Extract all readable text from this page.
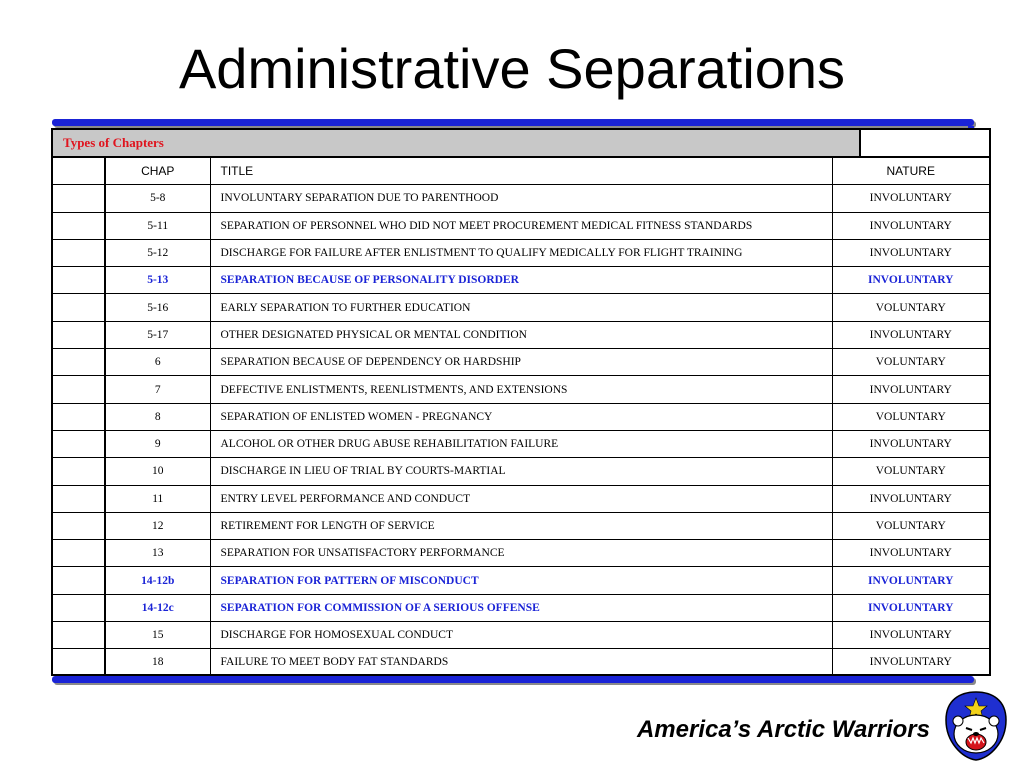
Administrative Separations
Types of Chapters
	CHAP	TITLE	NATURE
	5-8	INVOLUNTARY SEPARATION DUE TO PARENTHOOD	INVOLUNTARY
	5-11	SEPARATION OF PERSONNEL WHO DID NOT MEET PROCUREMENT MEDICAL FITNESS STANDARDS	INVOLUNTARY
	5-12	DISCHARGE FOR FAILURE AFTER ENLISTMENT TO QUALIFY MEDICALLY FOR FLIGHT TRAINING	INVOLUNTARY
	5-13	SEPARATION BECAUSE OF PERSONALITY DISORDER	INVOLUNTARY
	5-16	EARLY SEPARATION TO FURTHER EDUCATION	VOLUNTARY
	5-17	OTHER DESIGNATED PHYSICAL OR MENTAL CONDITION	INVOLUNTARY
	6	SEPARATION BECAUSE OF DEPENDENCY OR HARDSHIP	VOLUNTARY
	7	DEFECTIVE ENLISTMENTS, REENLISTMENTS, AND EXTENSIONS	INVOLUNTARY
	8	SEPARATION OF ENLISTED WOMEN - PREGNANCY	VOLUNTARY
	9	ALCOHOL OR OTHER DRUG ABUSE REHABILITATION FAILURE	INVOLUNTARY
	10	DISCHARGE IN LIEU OF TRIAL BY COURTS-MARTIAL	VOLUNTARY
	11	ENTRY LEVEL PERFORMANCE AND CONDUCT	INVOLUNTARY
	12	RETIREMENT FOR LENGTH OF SERVICE	VOLUNTARY
	13	SEPARATION FOR UNSATISFACTORY PERFORMANCE	INVOLUNTARY
	14-12b	SEPARATION FOR PATTERN OF MISCONDUCT	INVOLUNTARY
	14-12c	SEPARATION FOR COMMISSION OF A SERIOUS OFFENSE	INVOLUNTARY
	15	DISCHARGE FOR HOMOSEXUAL CONDUCT	INVOLUNTARY
	18	FAILURE TO MEET BODY FAT STANDARDS	INVOLUNTARY
America’s Arctic Warriors
